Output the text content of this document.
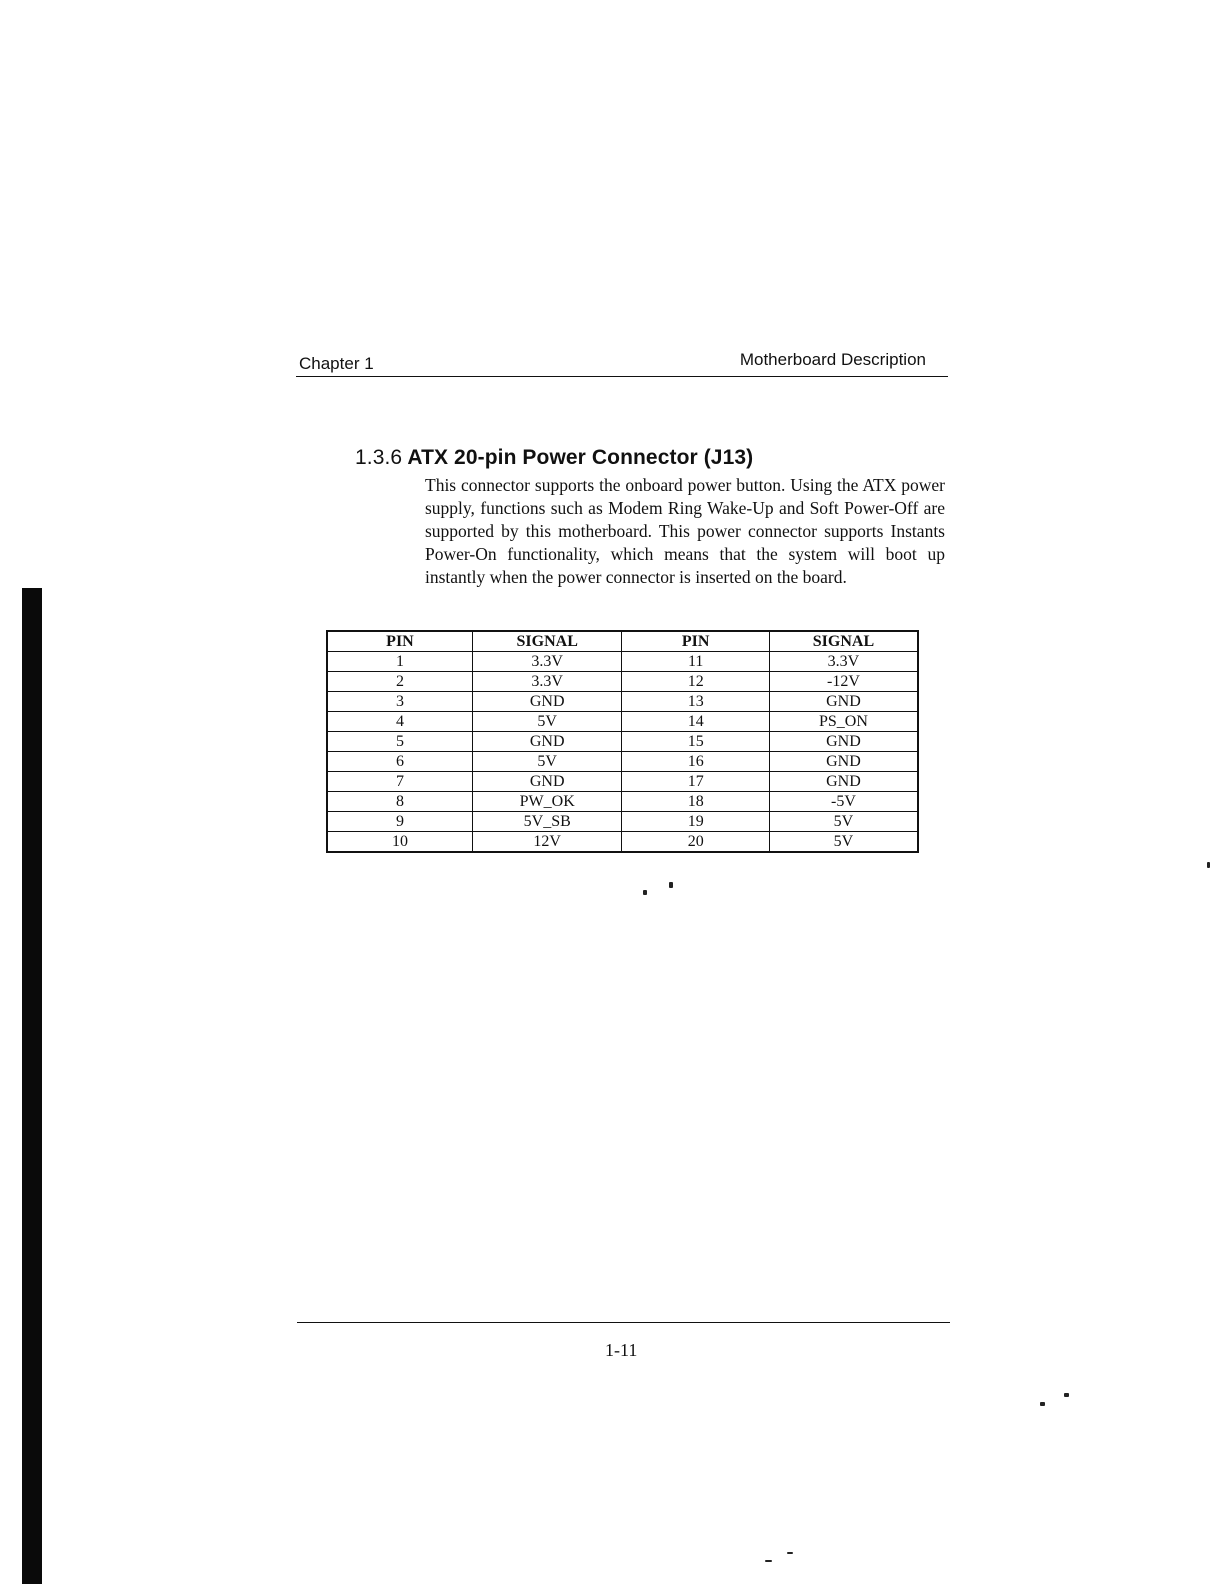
Chapter 1	Motherboard Description
1.3.6 ATX 20-pin Power Connector (J13)

This connector supports the onboard power button. Using the ATX power supply, functions such as Modem Ring Wake-Up and Soft Power-Off are supported by this motherboard. This power connector supports Instants Power-On functionality, which means that the system will boot up instantly when the power connector is inserted on the board.

PIN	SIGNAL	PIN	SIGNAL
1	3.3V	11	3.3V
2	3.3V	12	-12V
3	GND	13	GND
4	5V	14	PS_ON
5	GND	15	GND
6	5V	16	GND
7	GND	17	GND
8	PW_OK	18	-5V
9	5V_SB	19	5V
10	12V	20	5V
1-11
